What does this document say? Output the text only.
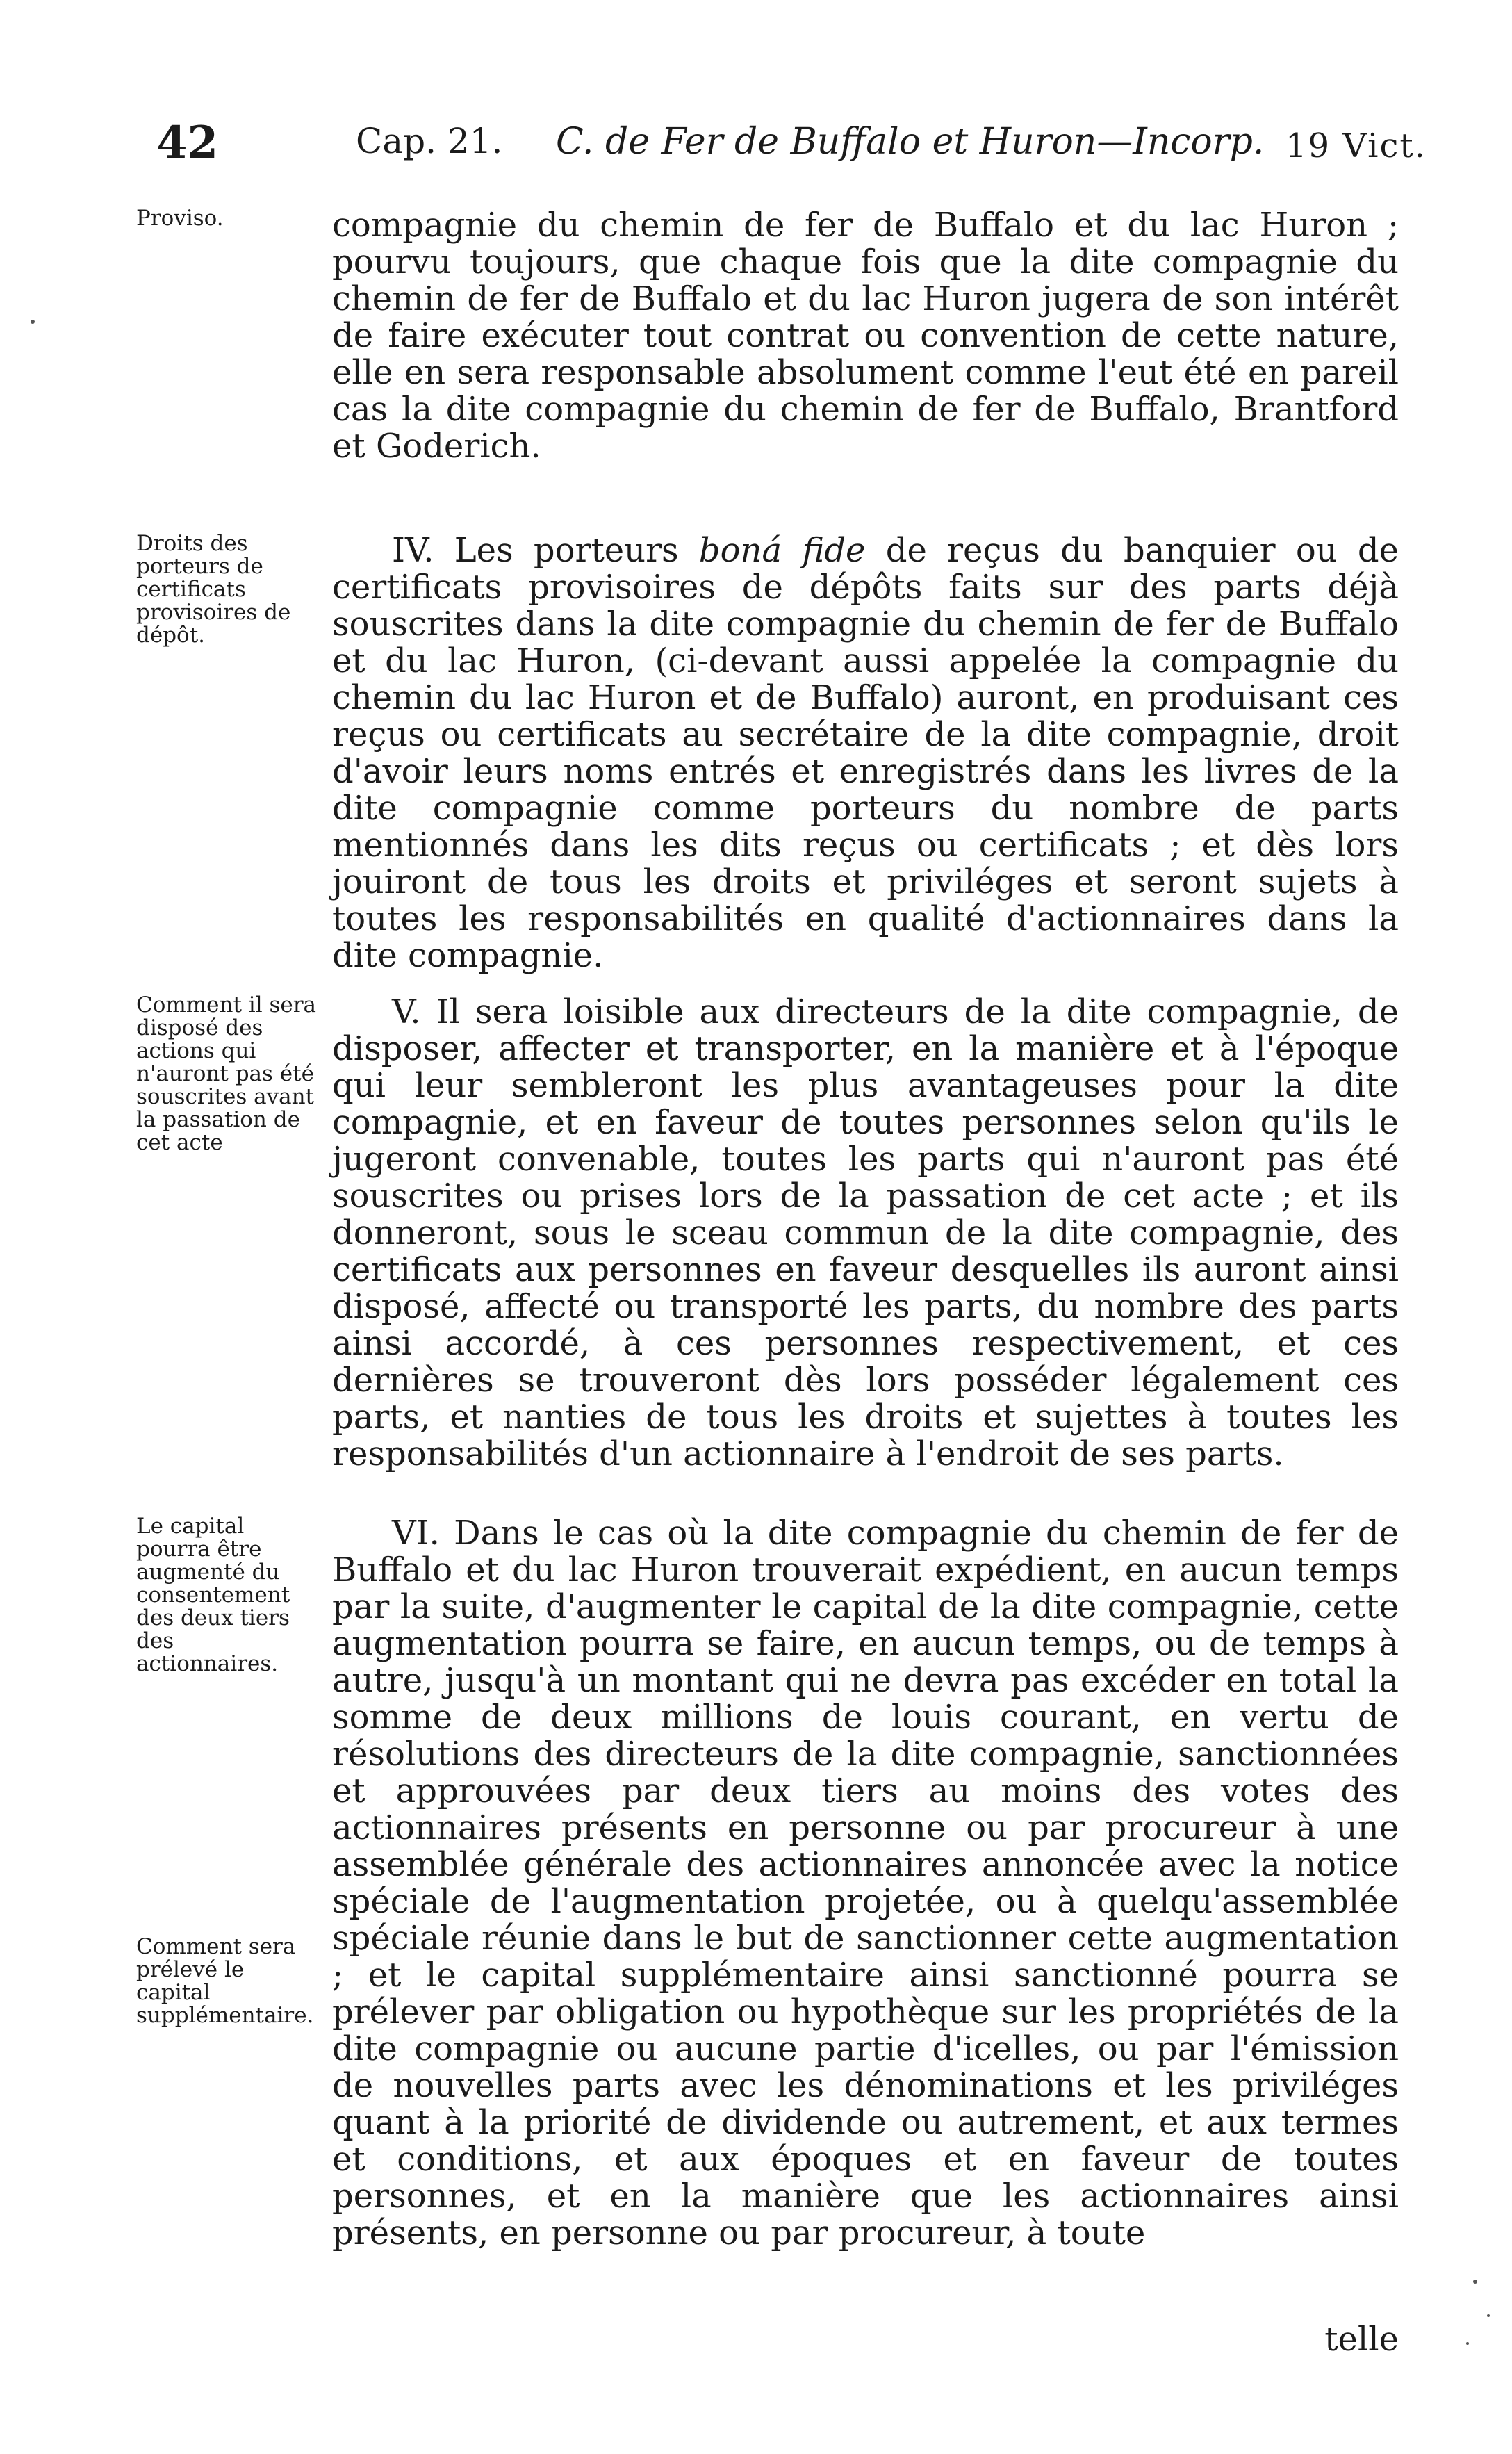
42	Cap. 21. C. de Fer de Buffalo et Huron—Incorp. 19 Vict.

Proviso.

Droits des porteurs de certificats provisoires de dépôt.

Comment il sera disposé des actions qui n'auront pas été souscrites avant la passation de cet acte

Le capital pourra être augmenté du consentement des deux tiers des actionnaires.

Comment sera prélevé le capital supplémentaire.

compagnie du chemin de fer de Buffalo et du lac Huron ; pourvu toujours, que chaque fois que la dite compagnie du chemin de fer de Buffalo et du lac Huron jugera de son intérêt de faire exécuter tout contrat ou convention de cette nature, elle en sera responsable absolument comme l'eut été en pareil cas la dite compagnie du chemin de fer de Buffalo, Brantford et Goderich.

IV. Les porteurs boná fide de reçus du banquier ou de certificats provisoires de dépôts faits sur des parts déjà souscrites dans la dite compagnie du chemin de fer de Buffalo et du lac Huron, (ci-devant aussi appelée la compagnie du chemin du lac Huron et de Buffalo) auront, en produisant ces reçus ou certificats au secrétaire de la dite compagnie, droit d'avoir leurs noms entrés et enregistrés dans les livres de la dite compagnie comme porteurs du nombre de parts mentionnés dans les dits reçus ou certificats ; et dès lors jouiront de tous les droits et priviléges et seront sujets à toutes les responsabilités en qualité d'actionnaires dans la dite compagnie.

V. Il sera loisible aux directeurs de la dite compagnie, de disposer, affecter et transporter, en la manière et à l'époque qui leur sembleront les plus avantageuses pour la dite compagnie, et en faveur de toutes personnes selon qu'ils le jugeront convenable, toutes les parts qui n'auront pas été souscrites ou prises lors de la passation de cet acte ; et ils donneront, sous le sceau commun de la dite compagnie, des certificats aux personnes en faveur desquelles ils auront ainsi disposé, affecté ou transporté les parts, du nombre des parts ainsi accordé, à ces personnes respectivement, et ces dernières se trouveront dès lors posséder légalement ces parts, et nanties de tous les droits et sujettes à toutes les responsabilités d'un actionnaire à l'endroit de ses parts.

VI. Dans le cas où la dite compagnie du chemin de fer de Buffalo et du lac Huron trouverait expédient, en aucun temps par la suite, d'augmenter le capital de la dite compagnie, cette augmentation pourra se faire, en aucun temps, ou de temps à autre, jusqu'à un montant qui ne devra pas excéder en total la somme de deux millions de louis courant, en vertu de résolutions des directeurs de la dite compagnie, sanctionnées et approuvées par deux tiers au moins des votes des actionnaires présents en personne ou par procureur à une assemblée générale des actionnaires annoncée avec la notice spéciale de l'augmentation projetée, ou à quelqu'assemblée spéciale réunie dans le but de sanctionner cette augmentation ; et le capital supplémentaire ainsi sanctionné pourra se prélever par obligation ou hypothèque sur les propriétés de la dite compagnie ou aucune partie d'icelles, ou par l'émission de nouvelles parts avec les dénominations et les priviléges quant à la priorité de dividende ou autrement, et aux termes et conditions, et aux époques et en faveur de toutes personnes, et en la manière que les actionnaires ainsi présents, en personne ou par procureur, à toute

telle
